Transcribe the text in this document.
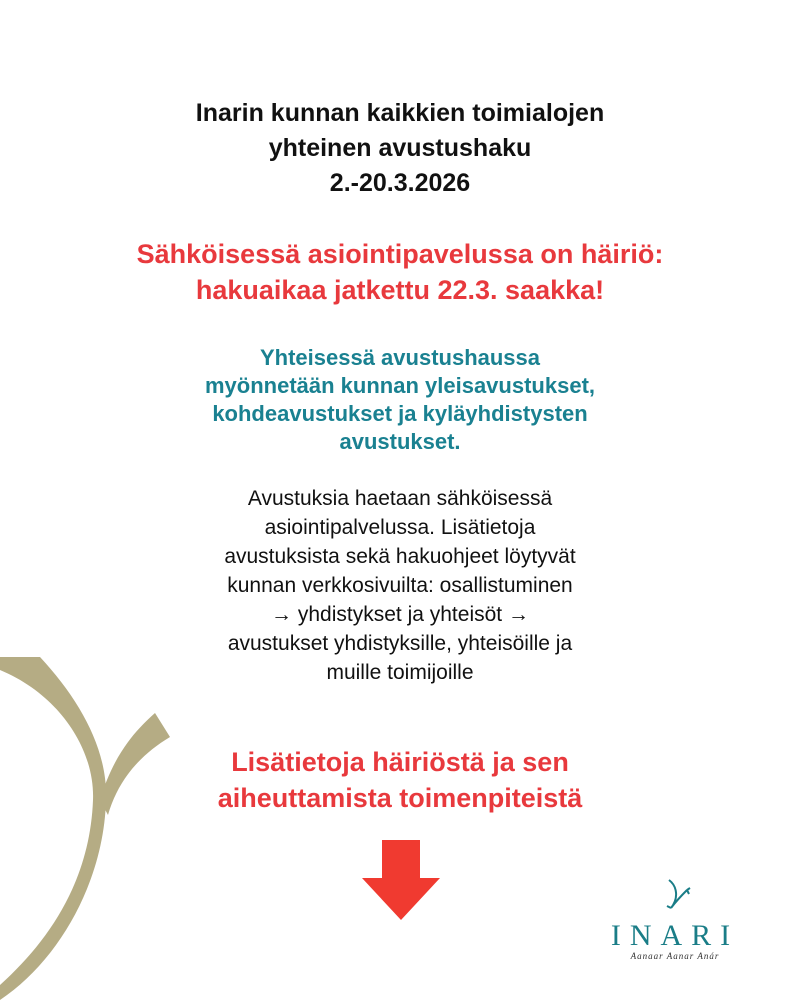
Inarin kunnan kaikkien toimialojen
yhteinen avustushaku
2.-20.3.2026
Sähköisessä asiointipavelussa on häiriö:
hakuaikaa jatkettu 22.3. saakka!
Yhteisessä avustushaussa
myönnetään kunnan yleisavustukset,
kohdeavustukset ja kyläyhdistysten
avustukset.
Avustuksia haetaan sähköisessä
asiointipalvelussa. Lisätietoja
avustuksista sekä hakuohjeet löytyvät
kunnan verkkosivuilta: osallistuminen
→ yhdistykset ja yhteisöt →
avustukset yhdistyksille, yhteisöille ja
muille toimijoille
Lisätietoja häiriöstä ja sen
aiheuttamista toimenpiteistä
INARI
Aanaar Aanar Anár
